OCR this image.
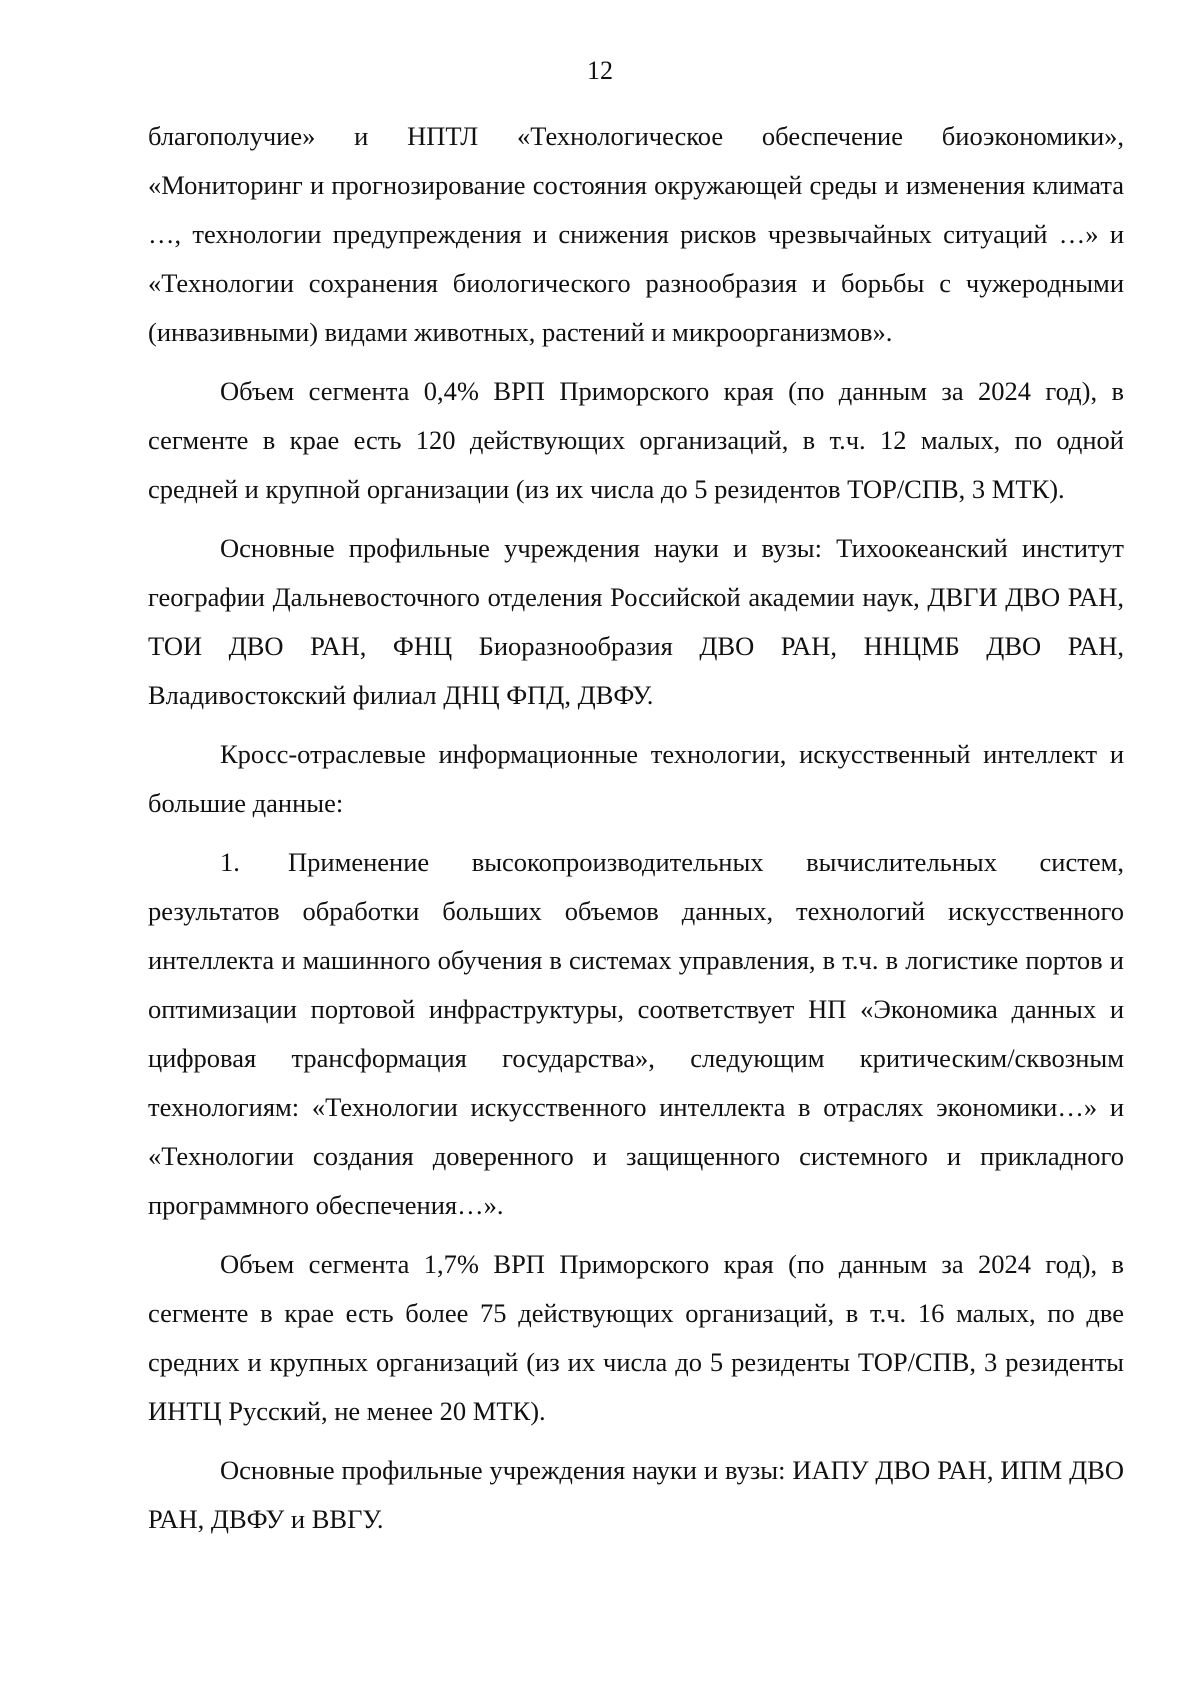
12

благополучие» и НПТЛ «Технологическое обеспечение биоэкономики», «Мониторинг и прогнозирование состояния окружающей среды и изменения климата …, технологии предупреждения и снижения рисков чрезвычайных ситуаций …» и «Технологии сохранения биологического разнообразия и борьбы с чужеродными (инвазивными) видами животных, растений и микроорганизмов».

Объем сегмента 0,4% ВРП Приморского края (по данным за 2024 год), в сегменте в крае есть 120 действующих организаций, в т.ч. 12 малых, по одной средней и крупной организации (из их числа до 5 резидентов ТОР/СПВ, 3 МТК).

Основные профильные учреждения науки и вузы: Тихоокеанский институт географии Дальневосточного отделения Российской академии наук, ДВГИ ДВО РАН, ТОИ ДВО РАН, ФНЦ Биоразнообразия ДВО РАН, ННЦМБ ДВО РАН, Владивостокский филиал ДНЦ ФПД, ДВФУ.

Кросс-отраслевые информационные технологии, искусственный интеллект и большие данные:

1. Применение высокопроизводительных вычислительных систем, результатов обработки больших объемов данных, технологий искусственного интеллекта и машинного обучения в системах управления, в т.ч. в логистике портов и оптимизации портовой инфраструктуры, соответствует НП «Экономика данных и цифровая трансформация государства», следующим критическим/сквозным технологиям: «Технологии искусственного интеллекта в отраслях экономики…» и «Технологии создания доверенного и защищенного системного и прикладного программного обеспечения…».

Объем сегмента 1,7% ВРП Приморского края (по данным за 2024 год), в сегменте в крае есть более 75 действующих организаций, в т.ч. 16 малых, по две средних и крупных организаций (из их числа до 5 резиденты ТОР/СПВ, 3 резиденты ИНТЦ Русский, не менее 20 МТК).

Основные профильные учреждения науки и вузы: ИАПУ ДВО РАН, ИПМ ДВО РАН, ДВФУ и ВВГУ.
